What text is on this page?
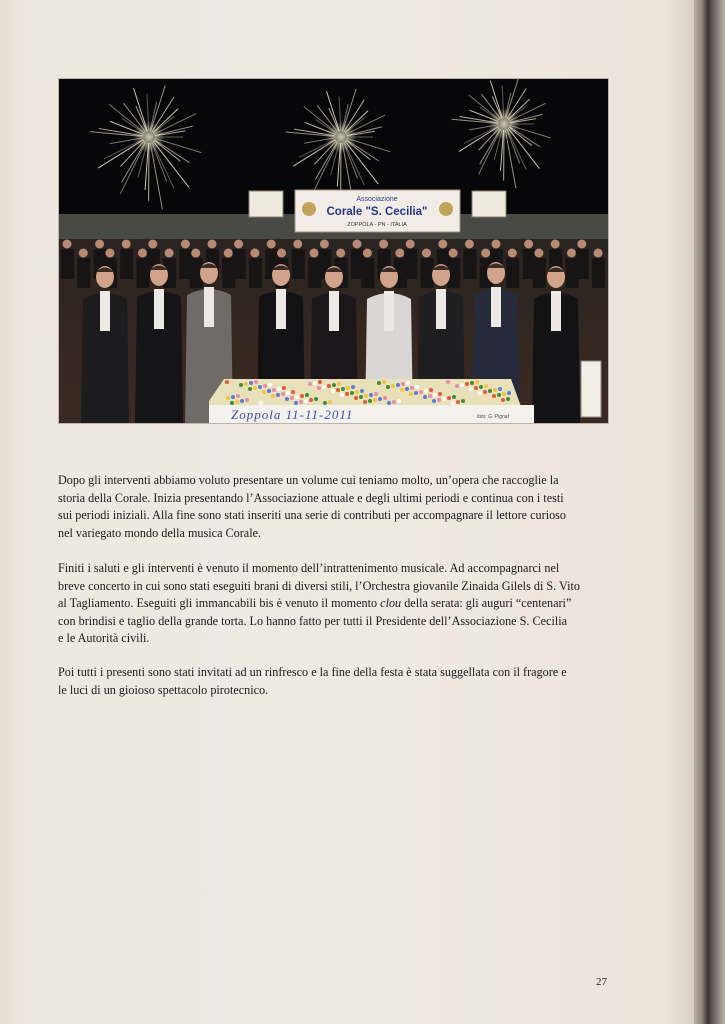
Associazione
Corale "S. Cecilia"
ZOPPOLA - PN - ITALIA
Zoppola 11-11-2011	foto: G. Pignat

Dopo gli interventi abbiamo voluto presentare un volume cui teniamo molto, un’opera che raccoglie la
storia della Corale. Inizia presentando l’Associazione attuale e degli ultimi periodi e continua con i testi
sui periodi iniziali. Alla fine sono stati inseriti una serie di contributi per accompagnare il lettore curioso
nel variegato mondo della musica Corale.

Finiti i saluti e gli interventi è venuto il momento dell’intrattenimento musicale. Ad accompagnarci nel
breve concerto in cui sono stati eseguiti brani di diversi stili, l’Orchestra giovanile Zinaida Gilels di S. Vito
al Tagliamento. Eseguiti gli immancabili bis è venuto il momento clou della serata: gli auguri “centenari”
con brindisi e taglio della grande torta. Lo hanno fatto per tutti il Presidente dell’Associazione S. Cecilia
e le Autorità civili.

Poi tutti i presenti sono stati invitati ad un rinfresco e la fine della festa è stata suggellata con il fragore e
le luci di un gioioso spettacolo pirotecnico.

27
